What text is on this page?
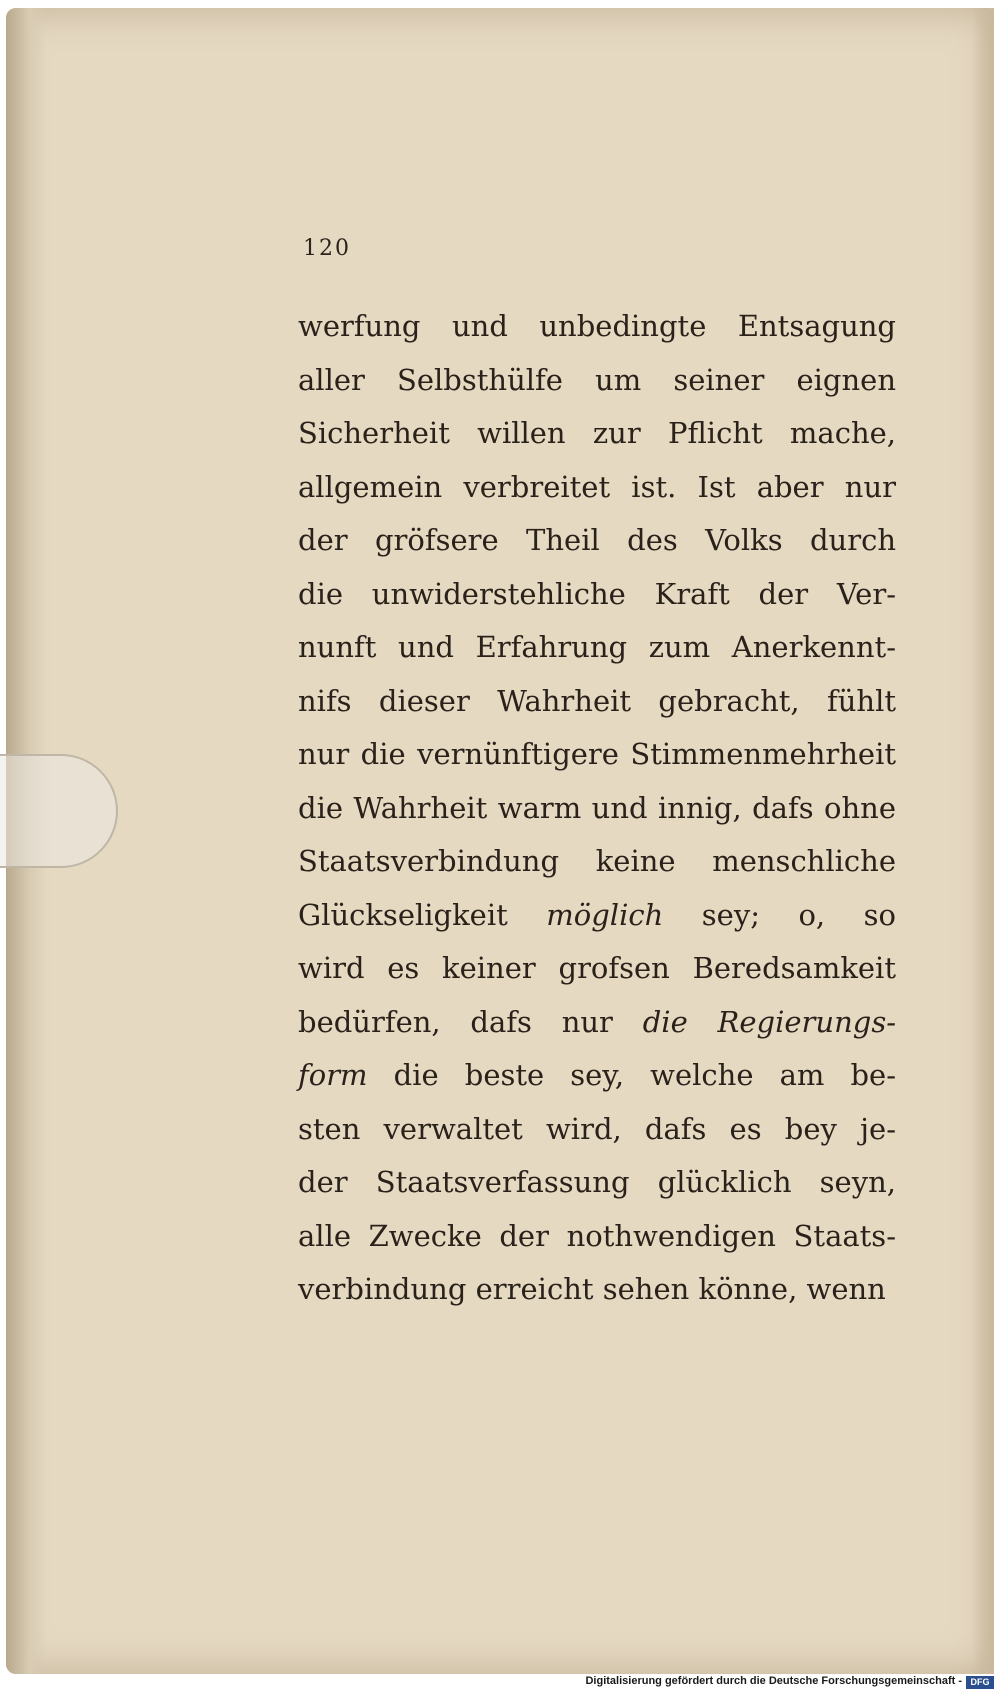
120
werfung und unbedingte Entsagung
aller Selbsthülfe um seiner eignen
Sicherheit willen zur Pflicht mache,
allgemein verbreitet ist. Ist aber nur
der gröfsere Theil des Volks durch
die unwiderstehliche Kraft der Ver-
nunft und Erfahrung zum Anerkennt-
nifs dieser Wahrheit gebracht, fühlt
nur die vernünftigere Stimmenmehrheit
die Wahrheit warm und innig, dafs ohne
Staatsverbindung keine menschliche
Glückseligkeit möglich sey; o, so
wird es keiner grofsen Beredsamkeit
bedürfen, dafs nur die Regierungs-
form die beste sey, welche am be-
sten verwaltet wird, dafs es bey je-
der Staatsverfassung glücklich seyn,
alle Zwecke der nothwendigen Staats-
verbindung erreicht sehen könne, wenn
Digitalisierung gefördert durch die Deutsche Forschungsgemeinschaft - DFG
